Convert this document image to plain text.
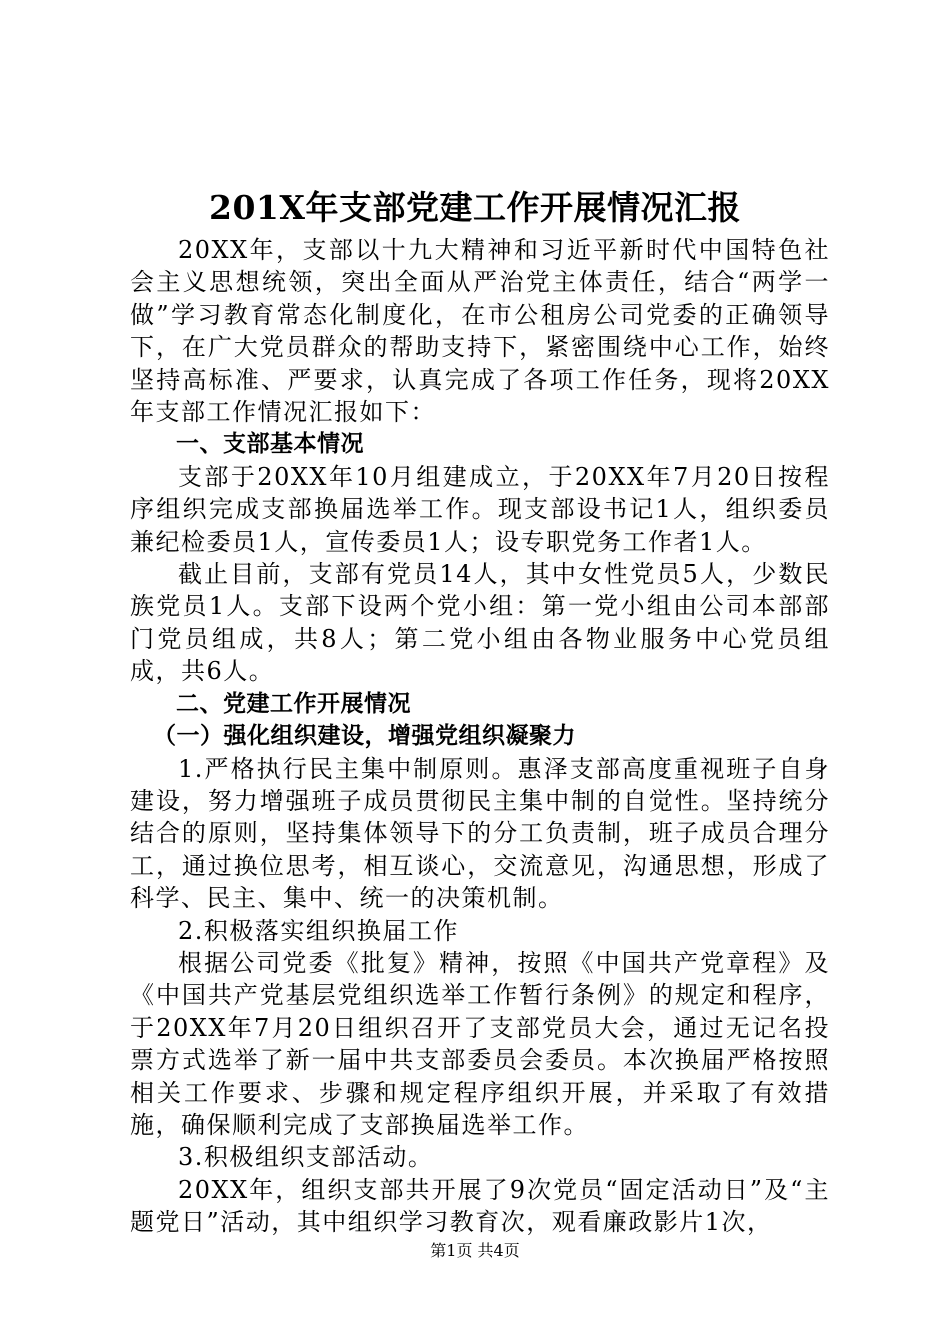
201X年支部党建工作开展情况汇报

20XX年，支部以十九大精神和习近平新时代中国特色社会主义思想统领，突出全面从严治党主体责任，结合“两学一做”学习教育常态化制度化，在市公租房公司党委的正确领导下，在广大党员群众的帮助支持下，紧密围绕中心工作，始终坚持高标准、严要求，认真完成了各项工作任务，现将20XX年支部工作情况汇报如下：

一、支部基本情况

支部于20XX年10月组建成立，于20XX年7月20日按程序组织完成支部换届选举工作。现支部设书记1人，组织委员兼纪检委员1人，宣传委员1人；设专职党务工作者1人。

截止目前，支部有党员14人，其中女性党员5人，少数民族党员1人。支部下设两个党小组：第一党小组由公司本部部门党员组成，共8人；第二党小组由各物业服务中心党员组成，共6人。

二、党建工作开展情况

（一）强化组织建设，增强党组织凝聚力

1.严格执行民主集中制原则。惠泽支部高度重视班子自身建设，努力增强班子成员贯彻民主集中制的自觉性。坚持统分结合的原则，坚持集体领导下的分工负责制，班子成员合理分工，通过换位思考，相互谈心，交流意见，沟通思想，形成了科学、民主、集中、统一的决策机制。

2.积极落实组织换届工作

根据公司党委《批复》精神，按照《中国共产党章程》及《中国共产党基层党组织选举工作暂行条例》的规定和程序，于20XX年7月20日组织召开了支部党员大会，通过无记名投票方式选举了新一届中共支部委员会委员。本次换届严格按照相关工作要求、步骤和规定程序组织开展，并采取了有效措施，确保顺利完成了支部换届选举工作。

3.积极组织支部活动。

20XX年，组织支部共开展了9次党员“固定活动日”及“主题党日”活动，其中组织学习教育次，观看廉政影片1次，

第1页 共4页
